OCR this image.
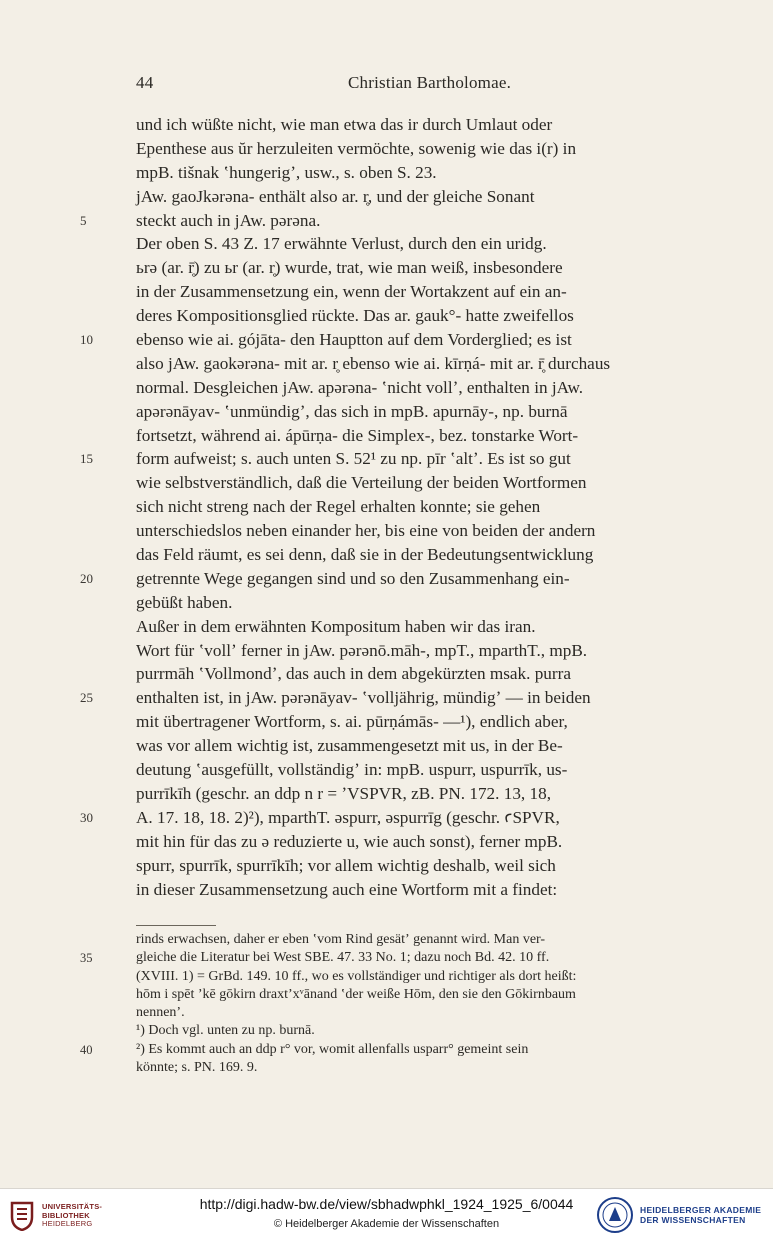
44	Christian Bartholomae.
und ich wüßte nicht, wie man etwa das ir durch Umlaut oder
Epenthese aus ŭr herzuleiten vermöchte, sowenig wie das i(r) in
mpB. tišnak ʽhungerigʼ, usw., s. oben S. 23.
jAw. gaoJkərəna- enthält also ar. r̥, und der gleiche Sonant
5	steckt auch in jAw. pərəna.
Der oben S. 43 Z. 17 erwähnte Verlust, durch den ein uridg.
ьrə (ar. r̥̄) zu ьr (ar. r̥) wurde, trat, wie man weiß, insbesondere
in der Zusammensetzung ein, wenn der Wortakzent auf ein an-
deres Kompositionsglied rückte. Das ar. gauk°- hatte zweifellos
10	ebenso wie ai. gójāta- den Hauptton auf dem Vorderglied; es ist
also jAw. gaokərəna- mit ar. r̥ ebenso wie ai. kīrṇá- mit ar. r̥̄ durchaus
normal. Desgleichen jAw. apərəna- ʽnicht vollʼ, enthalten in jAw.
apərənāyav- ʽunmündigʼ, das sich in mpB. apurnāy-, np. burnā
fortsetzt, während ai. ápūrṇa- die Simplex-, bez. tonstarke Wort-
15	form aufweist; s. auch unten S. 52¹ zu np. pīr ʽaltʼ. Es ist so gut
wie selbstverständlich, daß die Verteilung der beiden Wortformen
sich nicht streng nach der Regel erhalten konnte; sie gehen
unterschiedslos neben einander her, bis eine von beiden der andern
das Feld räumt, es sei denn, daß sie in der Bedeutungsentwicklung
20	getrennte Wege gegangen sind und so den Zusammenhang ein-
gebüßt haben.
Außer in dem erwähnten Kompositum haben wir das iran.
Wort für ʽvollʼ ferner in jAw. pərənō.māh-, mpT., mparthT., mpB.
purrmāh ʽVollmondʼ, das auch in dem abgekürzten msak. purra
25	enthalten ist, in jAw. pərənāyav- ʽvolljährig, mündigʼ — in beiden
mit übertragener Wortform, s. ai. pūrṇámās- —¹), endlich aber,
was vor allem wichtig ist, zusammengesetzt mit us, in der Be-
deutung ʽausgefüllt, vollständigʼ in: mpB. uspurr, uspurrīk, us-
purrīkīh (geschr. an ddp n r = ʼVSPVR, zB. PN. 172. 13, 18,
30	A. 17. 18, 18. 2)²), mparthT. əspurr, əspurrīg (geschr. ꜥSPVR,
mit hin für das zu ə reduzierte u, wie auch sonst), ferner mpB.
spurr, spurrīk, spurrīkīh; vor allem wichtig deshalb, weil sich
in dieser Zusammensetzung auch eine Wortform mit a findet:
rinds erwachsen, daher er eben ʽvom Rind gesätʼ genannt wird. Man ver-
35	gleiche die Literatur bei West SBE. 47. 33 No. 1; dazu noch Bd. 42. 10 ff.
(XVIII. 1) = GrBd. 149. 10 ff., wo es vollständiger und richtiger als dort heißt:
hōm i spēt ʼkē gōkirn draxtʼxᵛānand ʽder weiße Hōm, den sie den Gōkirnbaum
nennenʼ.
¹) Doch vgl. unten zu np. burnā.
40	²) Es kommt auch an ddp r° vor, womit allenfalls usparr° gemeint sein
könnte; s. PN. 169. 9.
UNIVERSITÄTS-
BIBLIOTHEK
HEIDELBERG
http://digi.hadw-bw.de/view/sbhadwphkl_1924_1925_6/0044
© Heidelberger Akademie der Wissenschaften
HEIDELBERGER AKADEMIE
DER WISSENSCHAFTEN
